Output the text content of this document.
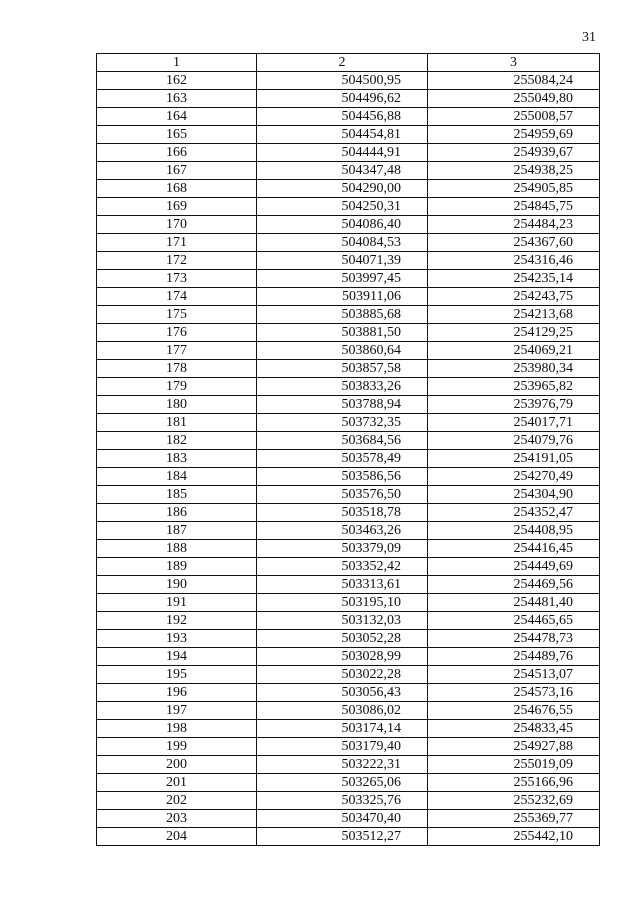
31
1	2	3
162	504500,95	255084,24
163	504496,62	255049,80
164	504456,88	255008,57
165	504454,81	254959,69
166	504444,91	254939,67
167	504347,48	254938,25
168	504290,00	254905,85
169	504250,31	254845,75
170	504086,40	254484,23
171	504084,53	254367,60
172	504071,39	254316,46
173	503997,45	254235,14
174	503911,06	254243,75
175	503885,68	254213,68
176	503881,50	254129,25
177	503860,64	254069,21
178	503857,58	253980,34
179	503833,26	253965,82
180	503788,94	253976,79
181	503732,35	254017,71
182	503684,56	254079,76
183	503578,49	254191,05
184	503586,56	254270,49
185	503576,50	254304,90
186	503518,78	254352,47
187	503463,26	254408,95
188	503379,09	254416,45
189	503352,42	254449,69
190	503313,61	254469,56
191	503195,10	254481,40
192	503132,03	254465,65
193	503052,28	254478,73
194	503028,99	254489,76
195	503022,28	254513,07
196	503056,43	254573,16
197	503086,02	254676,55
198	503174,14	254833,45
199	503179,40	254927,88
200	503222,31	255019,09
201	503265,06	255166,96
202	503325,76	255232,69
203	503470,40	255369,77
204	503512,27	255442,10
